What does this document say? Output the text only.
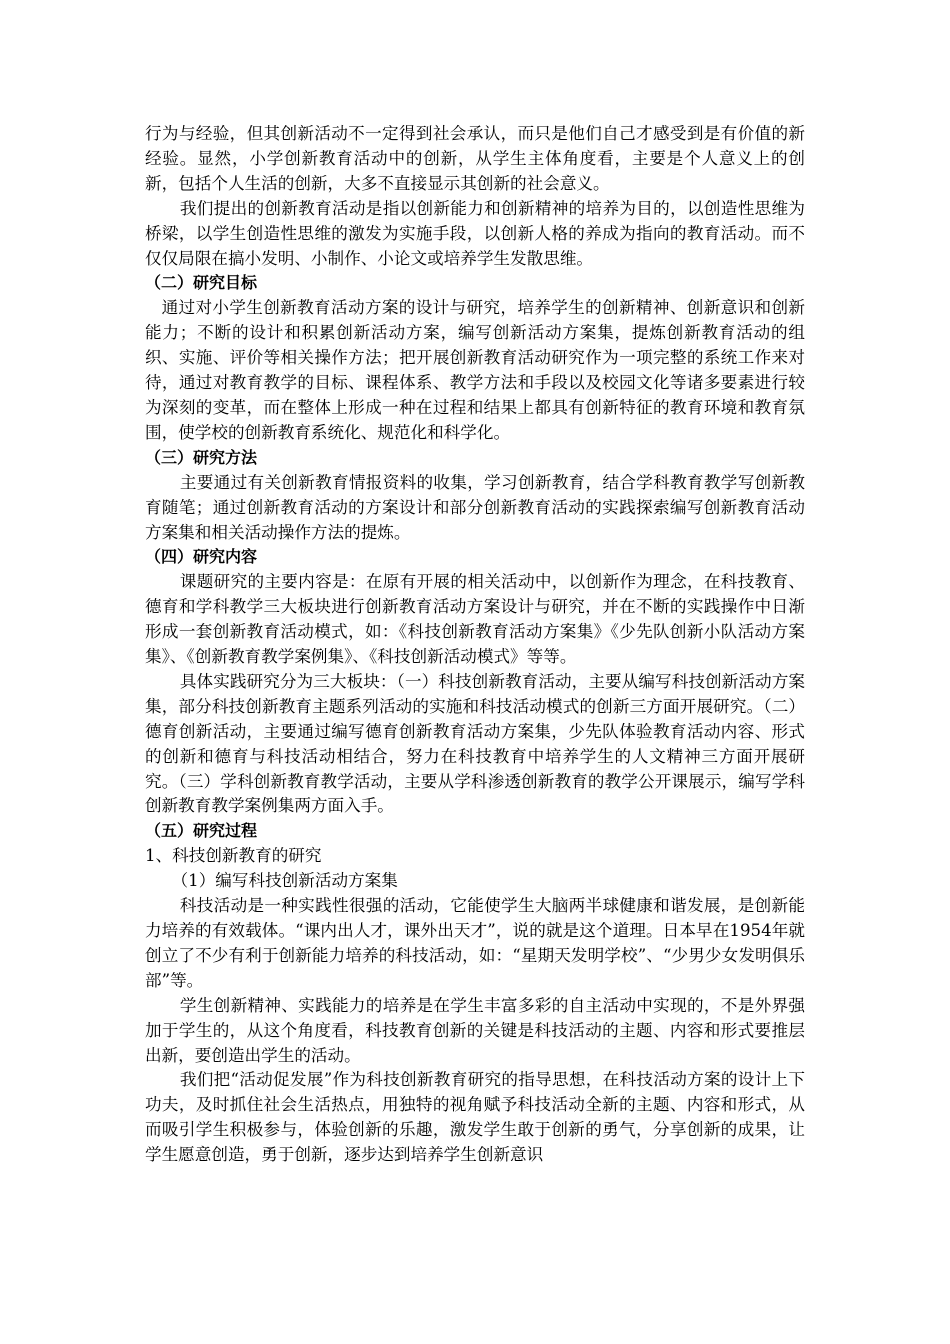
行为与经验，但其创新活动不一定得到社会承认，而只是他们自己才感受到是有价值的新经验。显然，小学创新教育活动中的创新，从学生主体角度看，主要是个人意义上的创新，包括个人生活的创新，大多不直接显示其创新的社会意义。

我们提出的创新教育活动是指以创新能力和创新精神的培养为目的，以创造性思维为桥梁，以学生创造性思维的激发为实施手段，以创新人格的养成为指向的教育活动。而不仅仅局限在搞小发明、小制作、小论文或培养学生发散思维。

（二）研究目标

通过对小学生创新教育活动方案的设计与研究，培养学生的创新精神、创新意识和创新能力；不断的设计和积累创新活动方案，编写创新活动方案集，提炼创新教育活动的组织、实施、评价等相关操作方法；把开展创新教育活动研究作为一项完整的系统工作来对待，通过对教育教学的目标、课程体系、教学方法和手段以及校园文化等诸多要素进行较为深刻的变革，而在整体上形成一种在过程和结果上都具有创新特征的教育环境和教育氛围，使学校的创新教育系统化、规范化和科学化。

（三）研究方法

主要通过有关创新教育情报资料的收集，学习创新教育，结合学科教育教学写创新教育随笔；通过创新教育活动的方案设计和部分创新教育活动的实践探索编写创新教育活动方案集和相关活动操作方法的提炼。

（四）研究内容

课题研究的主要内容是：在原有开展的相关活动中，以创新作为理念，在科技教育、德育和学科教学三大板块进行创新教育活动方案设计与研究，并在不断的实践操作中日渐形成一套创新教育活动模式，如：《科技创新教育活动方案集》《少先队创新小队活动方案集》、《创新教育教学案例集》、《科技创新活动模式》等等。

具体实践研究分为三大板块：（一）科技创新教育活动，主要从编写科技创新活动方案集，部分科技创新教育主题系列活动的实施和科技活动模式的创新三方面开展研究。（二）德育创新活动，主要通过编写德育创新教育活动方案集，少先队体验教育活动内容、形式的创新和德育与科技活动相结合，努力在科技教育中培养学生的人文精神三方面开展研究。（三）学科创新教育教学活动，主要从学科渗透创新教育的教学公开课展示，编写学科创新教育教学案例集两方面入手。

（五）研究过程

1、科技创新教育的研究

（1）编写科技创新活动方案集

科技活动是一种实践性很强的活动，它能使学生大脑两半球健康和谐发展，是创新能力培养的有效载体。“课内出人才，课外出天才”，说的就是这个道理。日本早在1954年就创立了不少有利于创新能力培养的科技活动，如：“星期天发明学校”、“少男少女发明俱乐部”等。

学生创新精神、实践能力的培养是在学生丰富多彩的自主活动中实现的，不是外界强加于学生的，从这个角度看，科技教育创新的关键是科技活动的主题、内容和形式要推层出新，要创造出学生的活动。

我们把“活动促发展”作为科技创新教育研究的指导思想，在科技活动方案的设计上下功夫，及时抓住社会生活热点，用独特的视角赋予科技活动全新的主题、内容和形式，从而吸引学生积极参与，体验创新的乐趣，激发学生敢于创新的勇气，分享创新的成果，让学生愿意创造，勇于创新，逐步达到培养学生创新意识
